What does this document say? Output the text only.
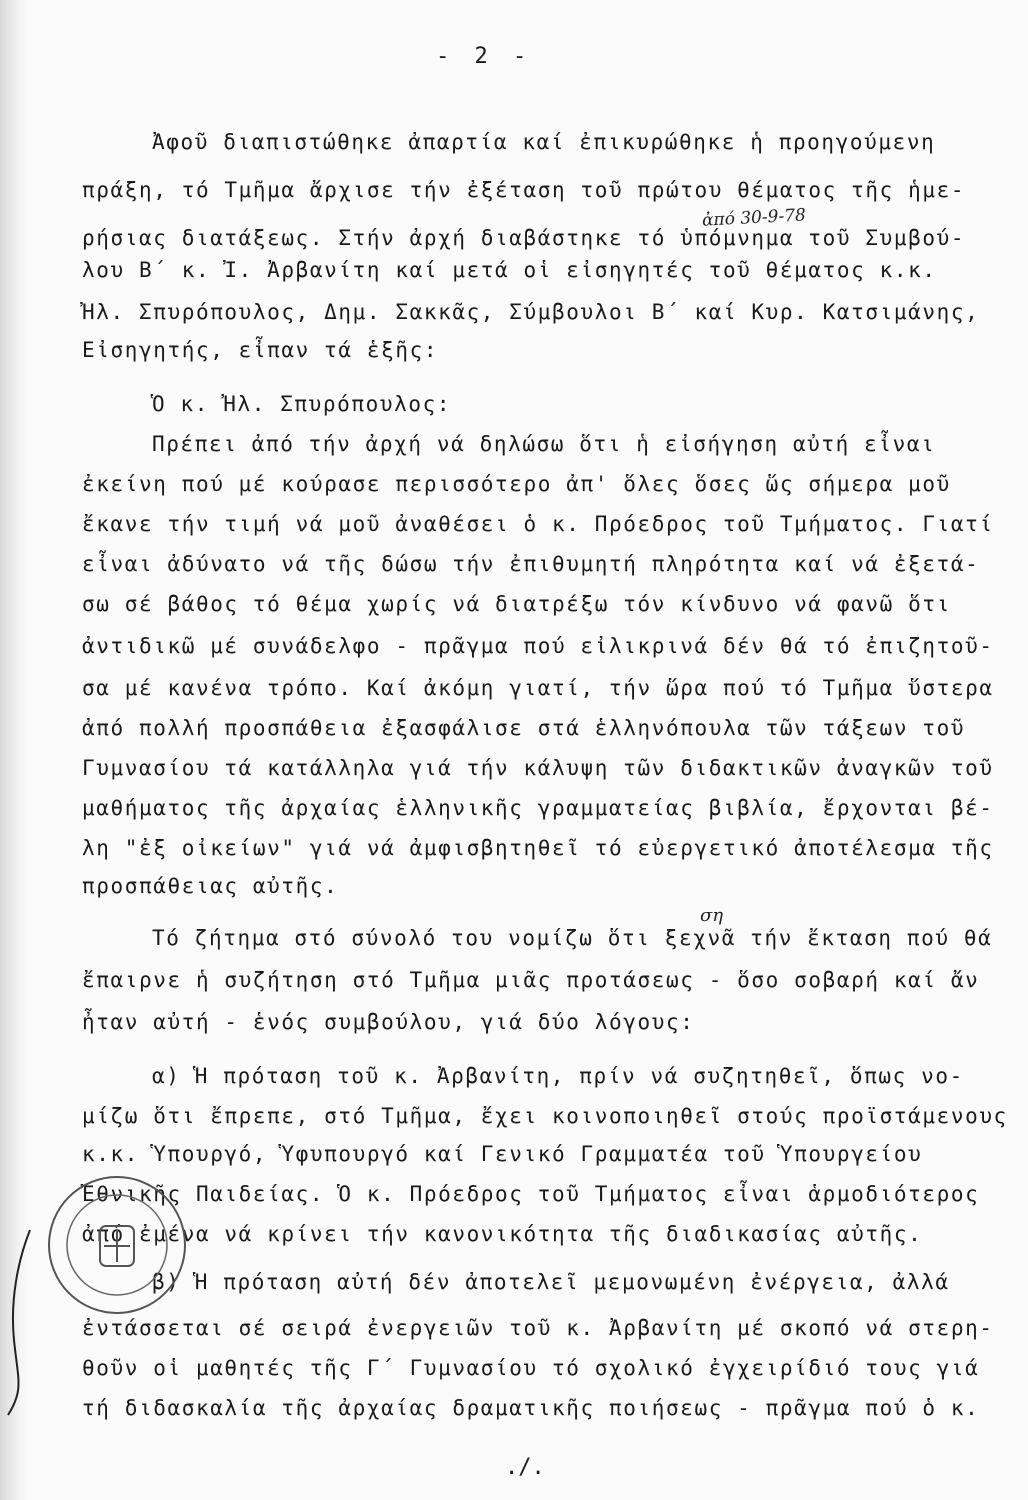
- 2 -
Ἀφοῦ διαπιστώθηκε ἀπαρτία καί ἐπικυρώθηκε ἡ προηγούμενη
πράξη, τό Τμῆμα ἄρχισε τήν ἐξέταση τοῦ πρώτου θέματος τῆς ἡμε-
ἀπό 30-9-78
ρήσιας διατάξεως. Στήν ἀρχή διαβάστηκε τό ὑπόμνημα τοῦ Συμβού-
λου Β΄ κ. Ἰ. Ἀρβανίτη καί μετά οἱ εἰσηγητές τοῦ θέματος κ.κ.
Ἠλ. Σπυρόπουλος, Δημ. Σακκᾶς, Σύμβουλοι Β΄ καί Κυρ. Κατσιμάνης,
Εἰσηγητής, εἶπαν τά ἑξῆς:
Ὁ κ. Ἠλ. Σπυρόπουλος:
Πρέπει ἀπό τήν ἀρχή νά δηλώσω ὅτι ἡ εἰσήγηση αὐτή εἶναι
ἐκείνη πού μέ κούρασε περισσότερο ἀπ' ὅλες ὅσες ὥς σήμερα μοῦ
ἔκανε τήν τιμή νά μοῦ ἀναθέσει ὁ κ. Πρόεδρος τοῦ Τμήματος. Γιατί
εἶναι ἀδύνατο νά τῆς δώσω τήν ἐπιθυμητή πληρότητα καί νά ἐξετά-
σω σέ βάθος τό θέμα χωρίς νά διατρέξω τόν κίνδυνο νά φανῶ ὅτι
ἀντιδικῶ μέ συνάδελφο - πρᾶγμα πού εἰλικρινά δέν θά τό ἐπιζητοῦ-
σα μέ κανένα τρόπο. Καί ἀκόμη γιατί, τήν ὥρα πού τό Τμῆμα ὕστερα
ἀπό πολλή προσπάθεια ἐξασφάλισε στά ἑλληνόπουλα τῶν τάξεων τοῦ
Γυμνασίου τά κατάλληλα γιά τήν κάλυψη τῶν διδακτικῶν ἀναγκῶν τοῦ
μαθήματος τῆς ἀρχαίας ἑλληνικῆς γραμματείας βιβλία, ἔρχονται βέ-
λη "ἐξ οἰκείων" γιά νά ἀμφισβητηθεῖ τό εὐεργετικό ἀποτέλεσμα τῆς
προσπάθειας αὐτῆς.
ση
Τό ζήτημα στό σύνολό του νομίζω ὅτι ξεχνᾶ τήν ἔκταση πού θά
ἔπαιρνε ἡ συζήτηση στό Τμῆμα μιᾶς προτάσεως - ὅσο σοβαρή καί ἄν
ἦταν αὐτή - ἑνός συμβούλου, γιά δύο λόγους:
α) Ἡ πρόταση τοῦ κ. Ἀρβανίτη, πρίν νά συζητηθεῖ, ὅπως νο-
μίζω ὅτι ἔπρεπε, στό Τμῆμα, ἔχει κοινοποιηθεῖ στούς προϊστάμενους
κ.κ. Ὑπουργό, Ὑφυπουργό καί Γενικό Γραμματέα τοῦ Ὑπουργείου
Ἐθνικῆς Παιδείας. Ὁ κ. Πρόεδρος τοῦ Τμήματος εἶναι ἁρμοδιότερος
ἀπό ἐμένα νά κρίνει τήν κανονικότητα τῆς διαδικασίας αὐτῆς.
β) Ἡ πρόταση αὐτή δέν ἀποτελεῖ μεμονωμένη ἐνέργεια, ἀλλά
ἐντάσσεται σέ σειρά ἐνεργειῶν τοῦ κ. Ἀρβανίτη μέ σκοπό νά στερη-
θοῦν οἱ μαθητές τῆς Γ΄ Γυμνασίου τό σχολικό ἐγχειρίδιό τους γιά
τή διδασκαλία τῆς ἀρχαίας δραματικῆς ποιήσεως - πρᾶγμα πού ὁ κ.
./.
